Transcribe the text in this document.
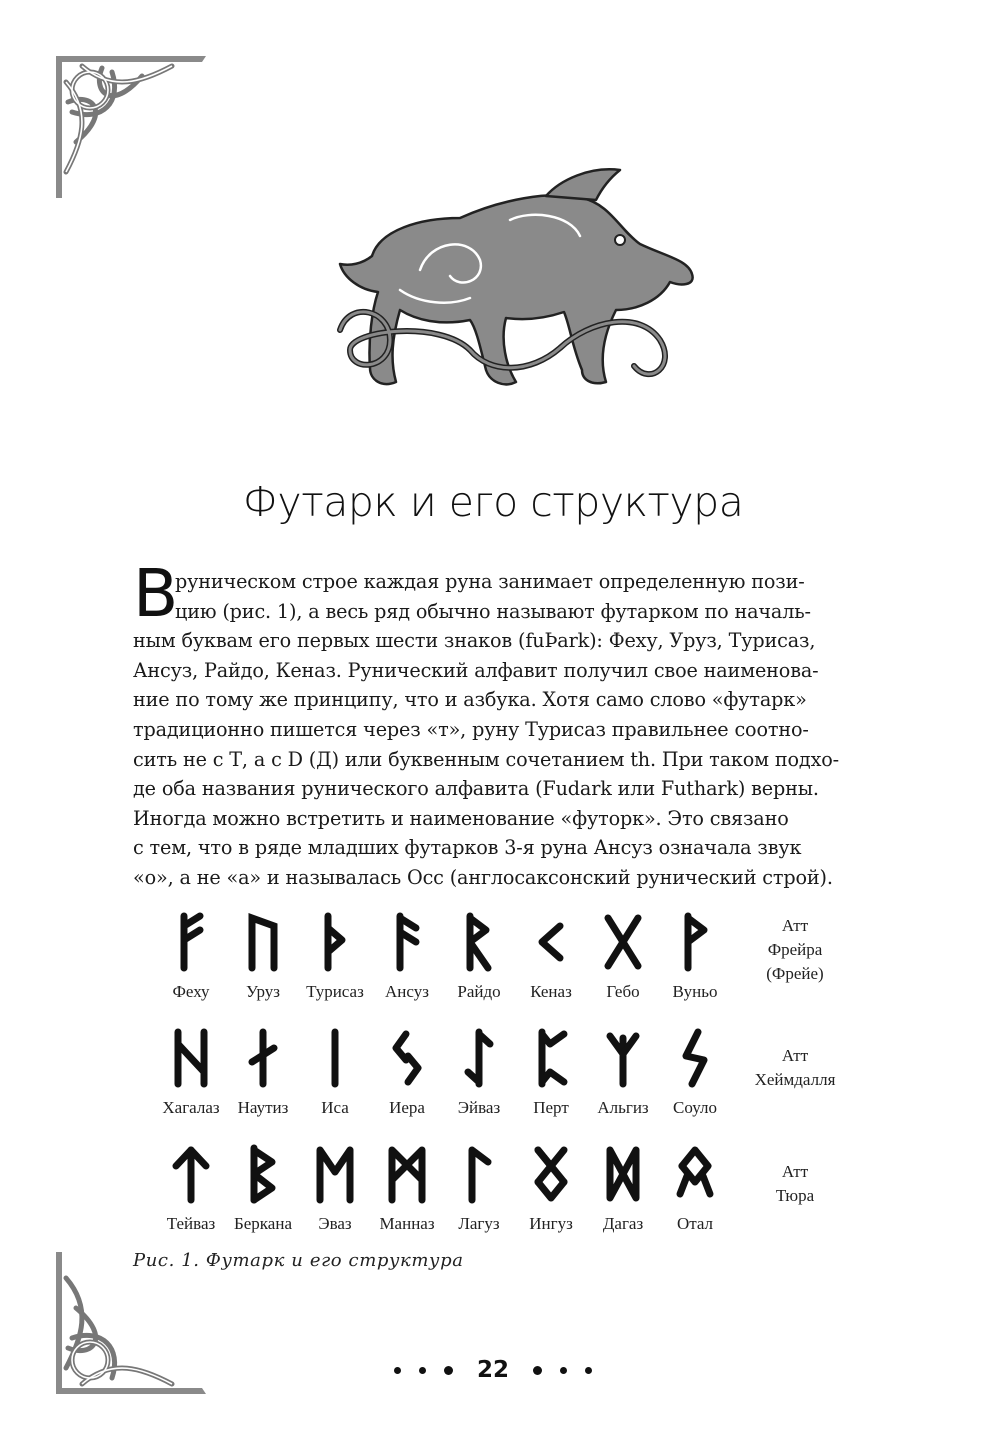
Футарк и его структура
В
руническом строе каждая руна занимает определенную пози-
цию (рис. 1), а весь ряд обычно называют футарком по началь-
ным буквам его первых шести знаков (fuÞark): Феху, Уруз, Турисаз,
Ансуз, Райдо, Кеназ. Рунический алфавит получил свое наименова-
ние по тому же принципу, что и азбука. Хотя само слово «футарк»
традиционно пишется через «т», руну Турисаз правильнее соотно-
сить не с Т, а с D (Д) или буквенным сочетанием th. При таком подхо-
де оба названия рунического алфавита (Fudark или Futhark) верны.
Иногда можно встретить и наименование «футорк». Это связано
с тем, что в ряде младших футарков 3-я руна Ансуз означала звук
«о», а не «а» и называлась Осс (англосаксонский рунический строй).
Феху	Уруз	Турисаз	Ансуз	Райдо	Кеназ	Гебо	Вуньо
Атт
Фрейра
(Фрейе)
Хагалаз	Наутиз	Иса	Иера	Эйваз	Перт	Альгиз	Соуло
Атт
Хеймдалля
Тейваз	Беркана	Эваз	Манназ	Лагуз	Ингуз	Дагаз	Отал
Атт
Тюра
Рис. 1. Футарк и его структура
22
